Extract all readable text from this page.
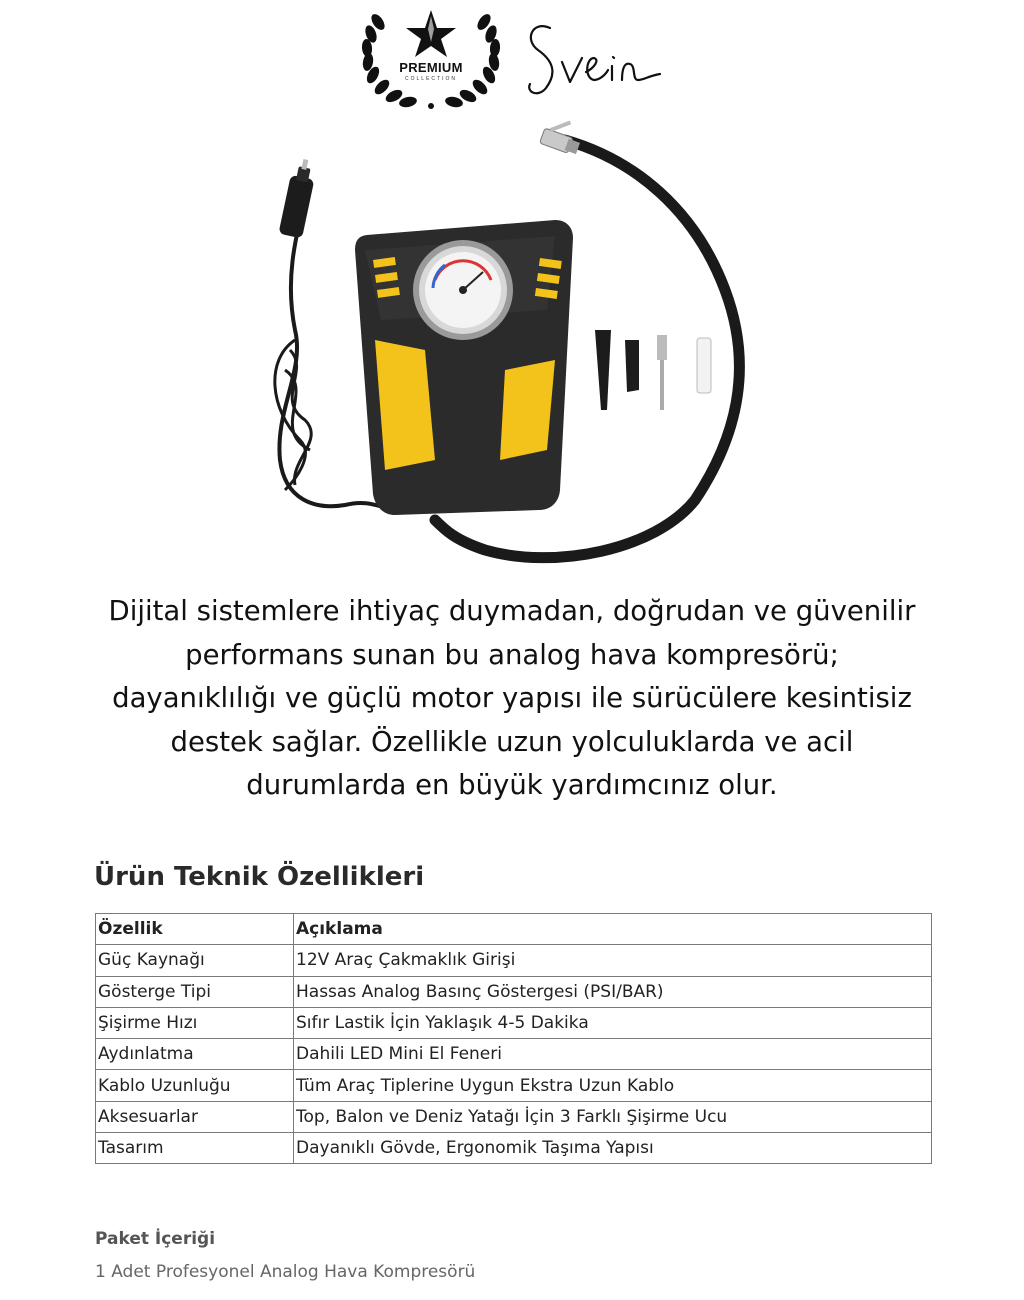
PREMIUM
COLLECTION

Dijital sistemlere ihtiyaç duymadan, doğrudan ve güvenilir performans sunan bu analog hava kompresörü; dayanıklılığı ve güçlü motor yapısı ile sürücülere kesintisiz destek sağlar. Özellikle uzun yolculuklarda ve acil durumlarda en büyük yardımcınız olur.

Ürün Teknik Özellikleri
Özellik	Açıklama
Güç Kaynağı	12V Araç Çakmaklık Girişi
Gösterge Tipi	Hassas Analog Basınç Göstergesi (PSI/BAR)
Şişirme Hızı	Sıfır Lastik İçin Yaklaşık 4-5 Dakika
Aydınlatma	Dahili LED Mini El Feneri
Kablo Uzunluğu	Tüm Araç Tiplerine Uygun Ekstra Uzun Kablo
Aksesuarlar	Top, Balon ve Deniz Yatağı İçin 3 Farklı Şişirme Ucu
Tasarım	Dayanıklı Gövde, Ergonomik Taşıma Yapısı
Paket İçeriği

1 Adet Profesyonel Analog Hava Kompresörü
